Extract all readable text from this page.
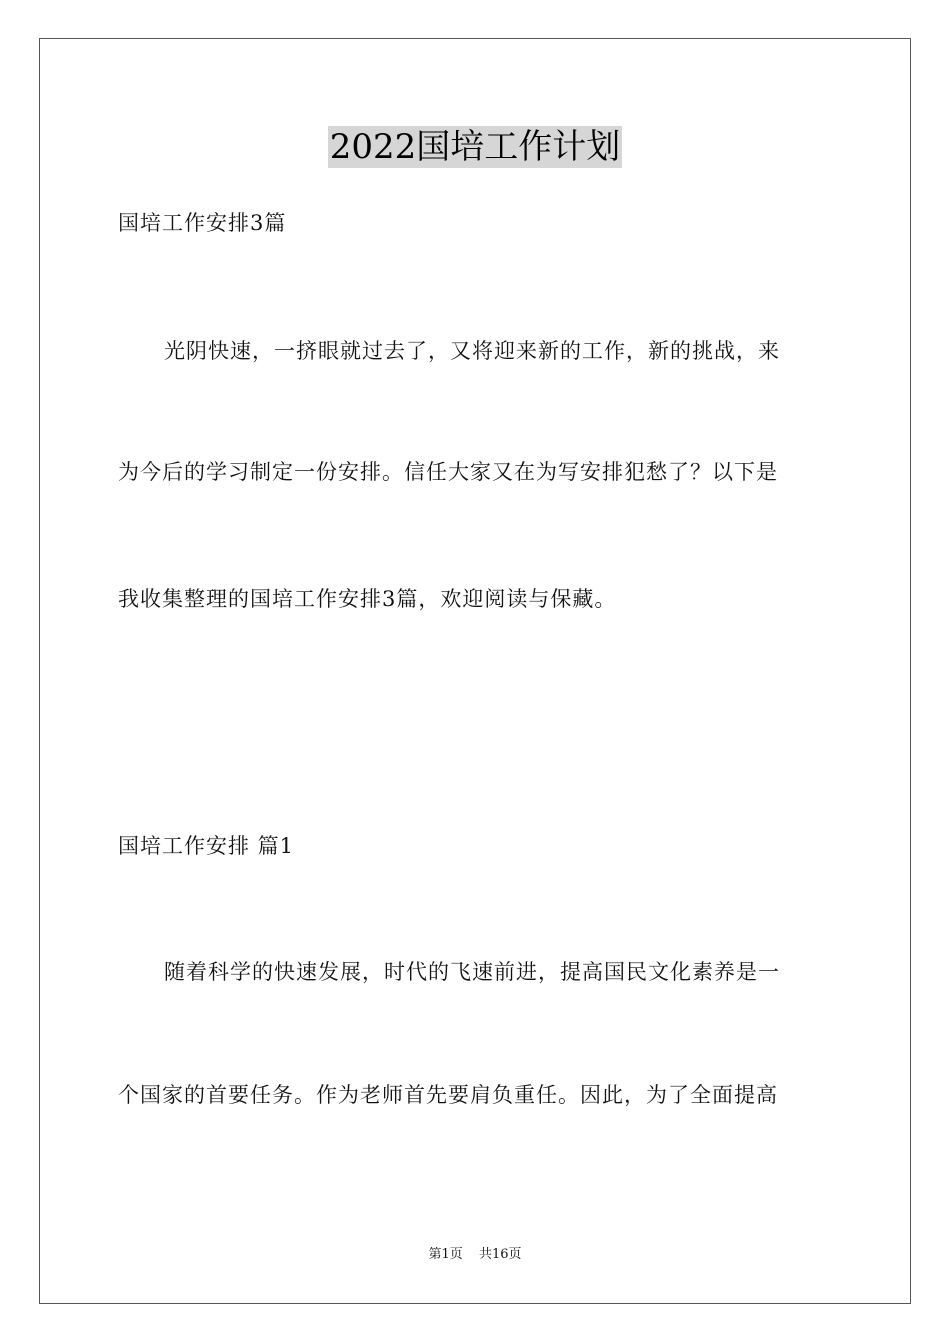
2022国培工作计划
国培工作安排3篇
光阴快速，一挤眼就过去了，又将迎来新的工作，新的挑战，来
为今后的学习制定一份安排。信任大家又在为写安排犯愁了？以下是
我收集整理的国培工作安排3篇，欢迎阅读与保藏。
国培工作安排 篇1
随着科学的快速发展，时代的飞速前进，提高国民文化素养是一
个国家的首要任务。作为老师首先要肩负重任。因此，为了全面提高
第1页 共16页
